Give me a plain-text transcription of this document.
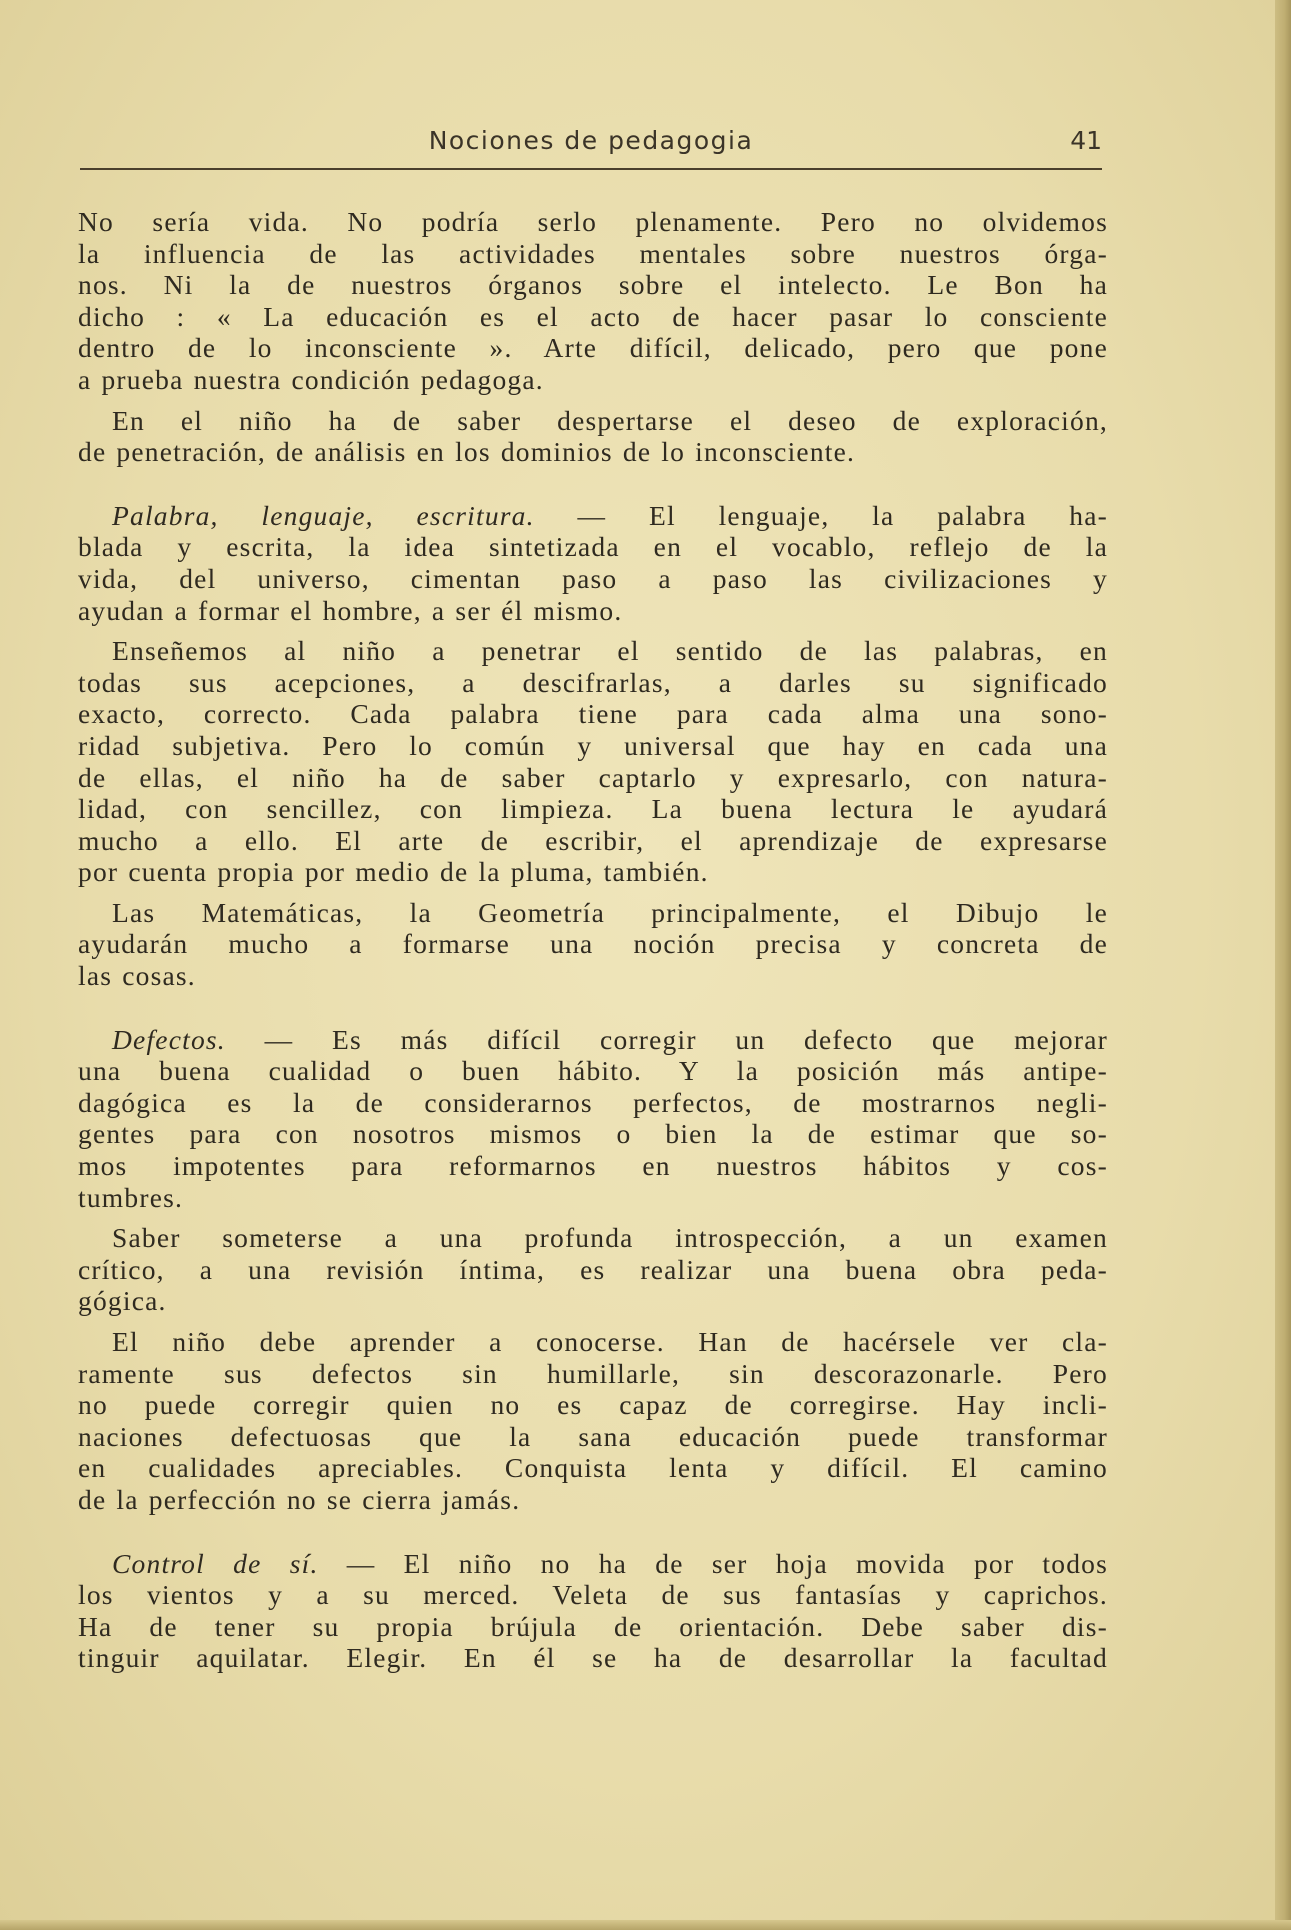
Nociones de pedagogia	41

No sería vida. No podría serlo plenamente. Pero no olvidemos
la influencia de las actividades mentales sobre nuestros órga-
nos. Ni la de nuestros órganos sobre el intelecto. Le Bon ha
dicho : « La educación es el acto de hacer pasar lo consciente
dentro de lo inconsciente ». Arte difícil, delicado, pero que pone
a prueba nuestra condición pedagoga.

En el niño ha de saber despertarse el deseo de exploración,
de penetración, de análisis en los dominios de lo inconsciente.

Palabra, lenguaje, escritura. — El lenguaje, la palabra ha-
blada y escrita, la idea sintetizada en el vocablo, reflejo de la
vida, del universo, cimentan paso a paso las civilizaciones y
ayudan a formar el hombre, a ser él mismo.

Enseñemos al niño a penetrar el sentido de las palabras, en
todas sus acepciones, a descifrarlas, a darles su significado
exacto, correcto. Cada palabra tiene para cada alma una sono-
ridad subjetiva. Pero lo común y universal que hay en cada una
de ellas, el niño ha de saber captarlo y expresarlo, con natura-
lidad, con sencillez, con limpieza. La buena lectura le ayudará
mucho a ello. El arte de escribir, el aprendizaje de expresarse
por cuenta propia por medio de la pluma, también.

Las Matemáticas, la Geometría principalmente, el Dibujo le
ayudarán mucho a formarse una noción precisa y concreta de
las cosas.

Defectos. — Es más difícil corregir un defecto que mejorar
una buena cualidad o buen hábito. Y la posición más antipe-
dagógica es la de considerarnos perfectos, de mostrarnos negli-
gentes para con nosotros mismos o bien la de estimar que so-
mos impotentes para reformarnos en nuestros hábitos y cos-
tumbres.

Saber someterse a una profunda introspección, a un examen
crítico, a una revisión íntima, es realizar una buena obra peda-
gógica.

El niño debe aprender a conocerse. Han de hacérsele ver cla-
ramente sus defectos sin humillarle, sin descorazonarle. Pero
no puede corregir quien no es capaz de corregirse. Hay incli-
naciones defectuosas que la sana educación puede transformar
en cualidades apreciables. Conquista lenta y difícil. El camino
de la perfección no se cierra jamás.

Control de sí. — El niño no ha de ser hoja movida por todos
los vientos y a su merced. Veleta de sus fantasías y caprichos.
Ha de tener su propia brújula de orientación. Debe saber dis-
tinguir aquilatar. Elegir. En él se ha de desarrollar la facultad
